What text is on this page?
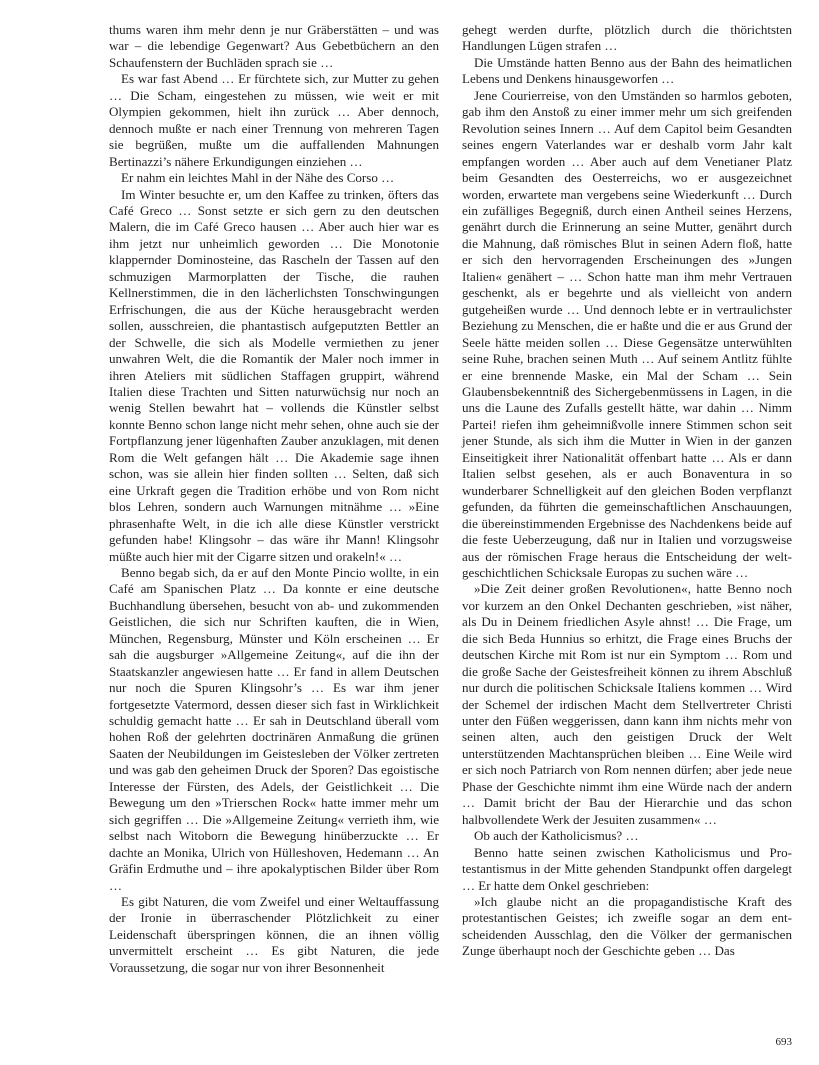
thums waren ihm mehr denn je nur Gräberstätten – und was war – die lebendige Gegenwart? Aus Gebetbüchern an den Schaufenstern der Buchläden sprach sie …

Es war fast Abend … Er fürchtete sich, zur Mutter zu gehen … Die Scham, eingestehen zu müssen, wie weit er mit Olympien gekommen, hielt ihn zurück … Aber dennoch, dennoch mußte er nach einer Trennung von mehreren Tagen sie begrüßen, mußte um die auffallenden Mahnungen Bertinazzi’s nähere Erkundigungen einziehen …

Er nahm ein leichtes Mahl in der Nähe des Corso …

Im Winter besuchte er, um den Kaffee zu trinken, öfters das Café Greco … Sonst setzte er sich gern zu den deutschen Malern, die im Café Greco hausen … Aber auch hier war es ihm jetzt nur unheimlich geworden … Die Monotonie klappernder Dominosteine, das Rascheln der Tassen auf den schmuzigen Marmorplatten der Tische, die rauhen Kellnerstimmen, die in den lächerlichsten Tonschwingungen Erfrischungen, die aus der Küche herausgebracht werden sollen, ausschreien, die phantastisch aufgeputzten Bettler an der Schwelle, die sich als Modelle vermiethen zu jener unwahren Welt, die die Romantik der Maler noch immer in ihren Ateliers mit südlichen Staffagen gruppirt, während Italien diese Trachten und Sitten naturwüchsig nur noch an wenig Stellen bewahrt hat – vollends die Künstler selbst konnte Benno schon lange nicht mehr sehen, ohne auch sie der Fortpflanzung jener lügenhaften Zauber anzuklagen, mit denen Rom die Welt gefangen hält … Die Akademie sage ihnen schon, was sie allein hier finden sollten … Selten, daß sich eine Urkraft gegen die Tradition erhöbe und von Rom nicht blos Lehren, sondern auch Warnungen mitnähme … »Eine phrasenhafte Welt, in die ich alle diese Künstler verstrickt gefunden habe! Klingsohr – das wäre ihr Mann! Klingsohr müßte auch hier mit der Cigarre sitzen und orakeln!« …

Benno begab sich, da er auf den Monte Pincio wollte, in ein Café am Spanischen Platz … Da konnte er eine deutsche Buchhandlung übersehen, besucht von ab- und zukommenden Geistlichen, die sich nur Schriften kauften, die in Wien, München, Regensburg, Münster und Köln erscheinen … Er sah die augsburger »Allgemeine Zeitung«, auf die ihn der Staatskanzler angewiesen hatte … Er fand in allem Deutschen nur noch die Spuren Klingsohr’s … Es war ihm jener fortgesetzte Vatermord, dessen dieser sich fast in Wirklichkeit schuldig gemacht hatte … Er sah in Deutschland überall vom hohen Roß der gelehrten doctrinären Anmaßung die grünen Saaten der Neubildungen im Geistesleben der Völker zertreten und was gab den geheimen Druck der Sporen? Das egoistische Interesse der Fürsten, des Adels, der Geistlichkeit … Die Bewegung um den »Trierschen Rock« hatte immer mehr um sich gegriffen … Die »Allgemeine Zeitung« verrieth ihm, wie selbst nach Witoborn die Bewegung hinüberzuckte … Er dachte an Monika, Ulrich von Hülleshoven, Hedemann … An Gräfin Erdmuthe und – ihre apokalyptischen Bilder über Rom …

Es gibt Naturen, die vom Zweifel und einer Weltauffassung der Ironie in überraschender Plötzlichkeit zu einer Leidenschaft überspringen können, die an ihnen völlig unvermittelt erscheint … Es gibt Naturen, die jede Voraussetzung, die sogar nur von ihrer Besonnenheit

gehegt werden durfte, plötzlich durch die thörichtsten Handlungen Lügen strafen …

Die Umstände hatten Benno aus der Bahn des heimatlichen Lebens und Denkens hinausgeworfen …

Jene Courierreise, von den Umständen so harmlos geboten, gab ihm den Anstoß zu einer immer mehr um sich greifenden Revolution seines Innern … Auf dem Capitol beim Gesandten seines engern Vaterlandes war er deshalb vorm Jahr kalt empfangen worden … Aber auch auf dem Venetianer Platz beim Gesandten des Oesterreichs, wo er ausgezeichnet worden, erwartete man vergebens seine Wiederkunft … Durch ein zufälliges Begegniß, durch einen Antheil seines Herzens, genährt durch die Erinnerung an seine Mutter, genährt durch die Mahnung, daß römisches Blut in seinen Adern floß, hatte er sich den hervorragenden Erscheinungen des »Jungen Italien« genähert – … Schon hatte man ihm mehr Vertrauen geschenkt, als er begehrte und als vielleicht von andern gutgeheißen wurde … Und dennoch lebte er in vertraulichster Beziehung zu Menschen, die er haßte und die er aus Grund der Seele hätte meiden sollen … Diese Gegensätze unterwühlten seine Ruhe, brachen seinen Muth … Auf seinem Antlitz fühlte er eine brennende Maske, ein Mal der Scham … Sein Glaubensbekenntniß des Sichergebenmüssens in Lagen, in die uns die Laune des Zufalls gestellt hätte, war dahin … Nimm Partei! riefen ihm geheimnißvolle innere Stimmen schon seit jener Stunde, als sich ihm die Mutter in Wien in der ganzen Einseitigkeit ihrer Nationalität offenbart hatte … Als er dann Italien selbst gesehen, als er auch Bonaventura in so wunderbarer Schnelligkeit auf den gleichen Boden verpflanzt gefunden, da führten die gemeinschaftlichen Anschauungen, die übereinstimmenden Ergebnisse des Nachdenkens beide auf die feste Ueberzeugung, daß nur in Italien und vorzugsweise aus der römischen Frage heraus die Entscheidung der weltgeschichtlichen Schicksale Europas zu suchen wäre …

»Die Zeit deiner großen Revolutionen«, hatte Benno noch vor kurzem an den Onkel Dechanten geschrieben, »ist näher, als Du in Deinem friedlichen Asyle ahnst! … Die Frage, um die sich Beda Hunnius so erhitzt, die Frage eines Bruchs der deutschen Kirche mit Rom ist nur ein Symptom … Rom und die große Sache der Geistesfreiheit können zu ihrem Abschluß nur durch die politischen Schicksale Italiens kommen … Wird der Schemel der irdischen Macht dem Stellvertreter Christi unter den Füßen weggerissen, dann kann ihm nichts mehr von seinen alten, auch den geistigen Druck der Welt unterstützenden Machtansprüchen bleiben … Eine Weile wird er sich noch Patriarch von Rom nennen dürfen; aber jede neue Phase der Geschichte nimmt ihm eine Würde nach der andern … Damit bricht der Bau der Hierarchie und das schon halbvollendete Werk der Jesuiten zusammen« …

Ob auch der Katholicismus? …

Benno hatte seinen zwischen Katholicismus und Protestantismus in der Mitte gehenden Standpunkt offen dargelegt … Er hatte dem Onkel geschrieben:

»Ich glaube nicht an die propagandistische Kraft des protestantischen Geistes; ich zweifle sogar an dem entscheidenden Ausschlag, den die Völker der germanischen Zunge überhaupt noch der Geschichte geben … Das

693
